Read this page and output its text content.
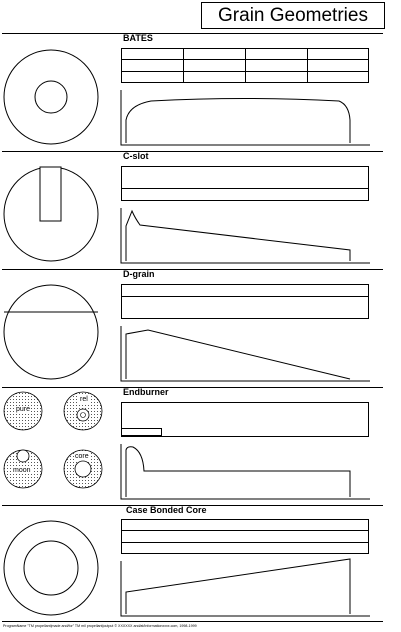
Grain Geometries
BATES
C-slot
D-grain
Endburner
pure
rel
moon
core
Case Bonded Core
ProgramName "TM propellant|made and/for" TM mil propellant|output © XXXXXX and/at/Informationxxxx.com, 1998-1999
